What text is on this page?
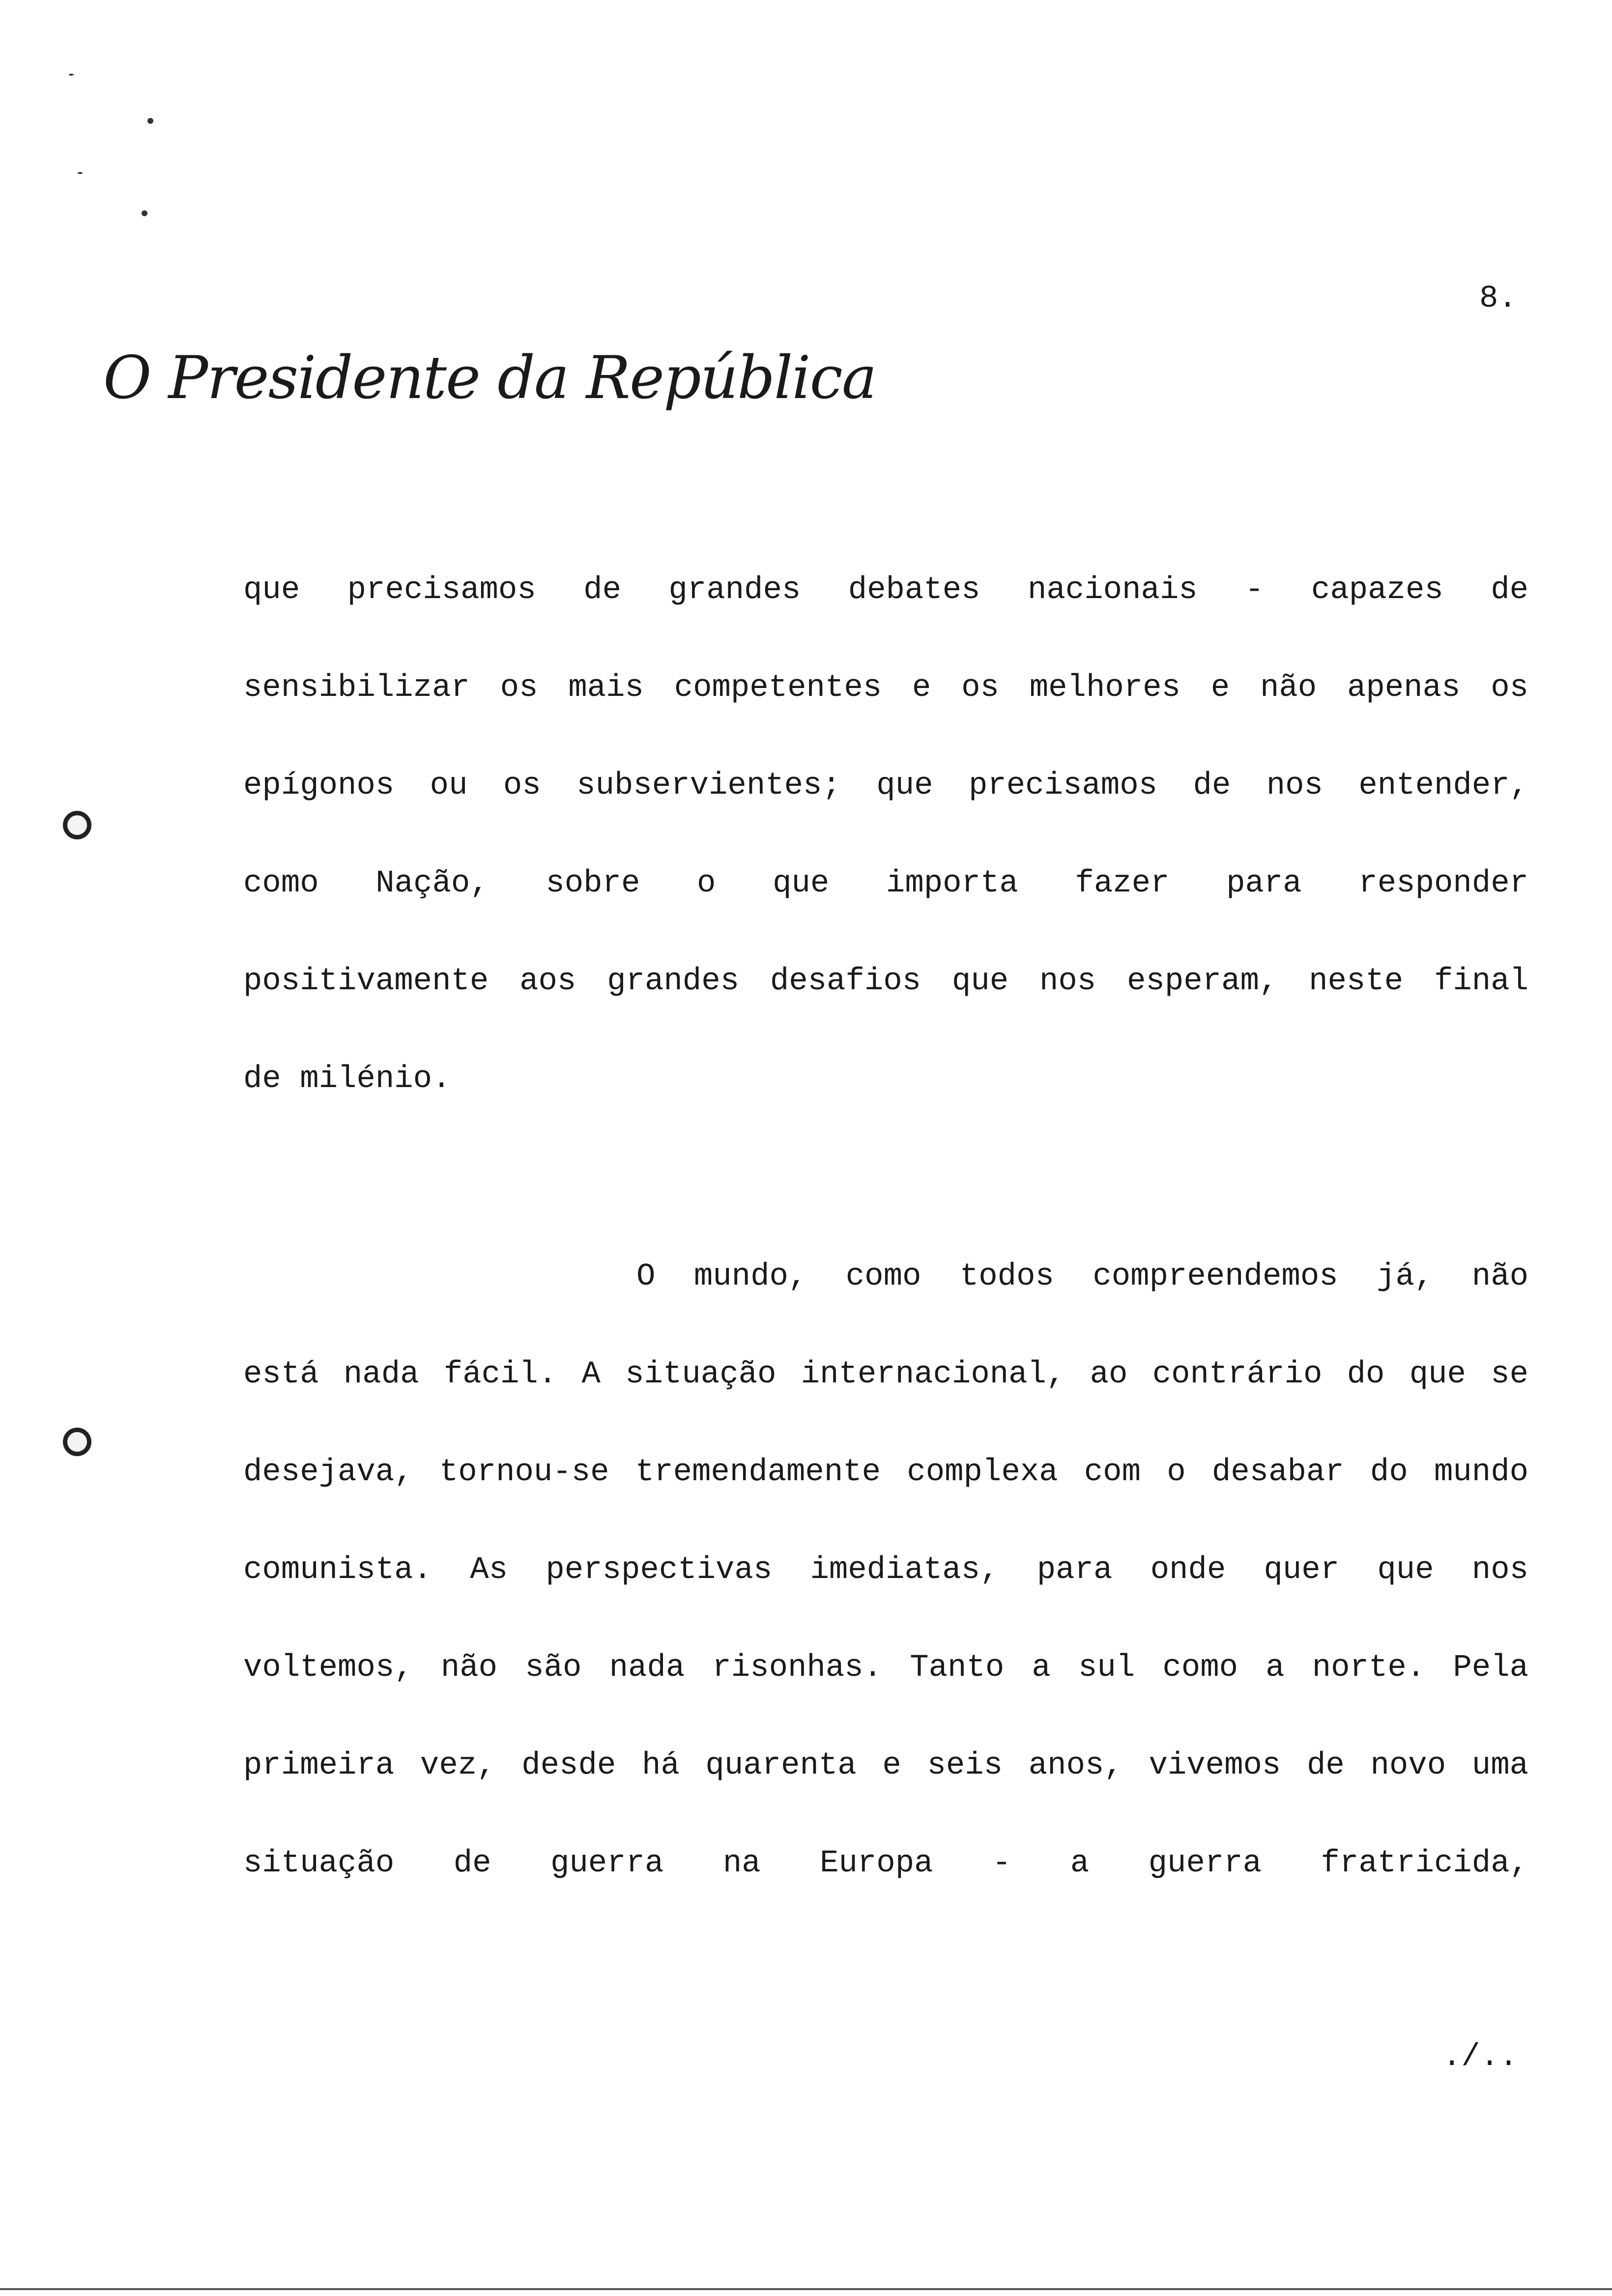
8.
O Presidente da República
que precisamos de grandes debates nacionais - capazes de
sensibilizar os mais competentes e os melhores e não apenas os
epígonos ou os subservientes; que precisamos de nos entender,
como Nação, sobre o que importa fazer para responder
positivamente aos grandes desafios que nos esperam, neste final
de milénio.
O mundo, como todos compreendemos já, não
está nada fácil. A situação internacional, ao contrário do que se
desejava, tornou-se tremendamente complexa com o desabar do mundo
comunista. As perspectivas imediatas, para onde quer que nos
voltemos, não são nada risonhas. Tanto a sul como a norte. Pela
primeira vez, desde há quarenta e seis anos, vivemos de novo uma
situação de guerra na Europa - a guerra fratricida,
./..
